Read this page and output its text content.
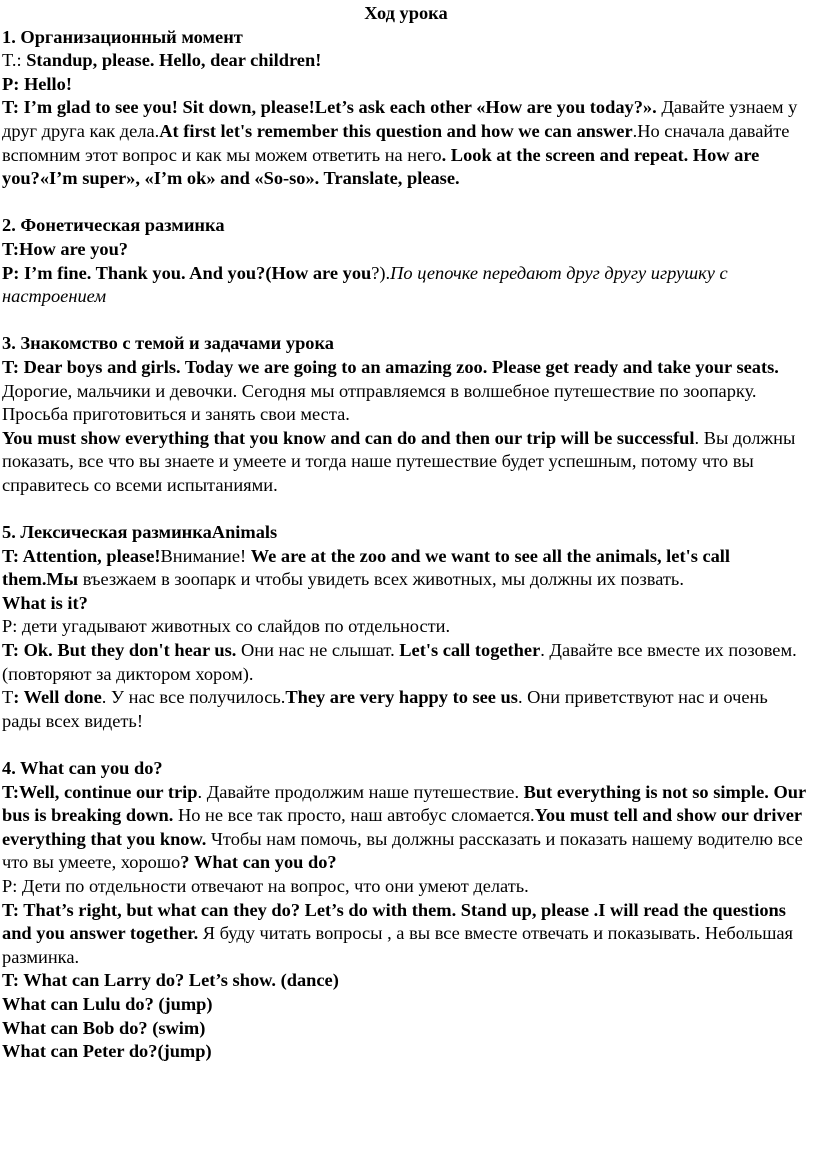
Ход урока

1. Организационный момент

T.: Standup, please. Hello, dear children!

P: Hello!

T: I’m glad to see you! Sit down, please!Let’s ask each other «How are you today?». Давайте узнаем у друг друга как дела.At first let's remember this question and how we can answer.Но сначала давайте вспомним этот вопрос и как мы можем ответить на него. Look at the screen and repeat. How are you?«I’m super», «I’m ok» and «So-so». Translate, please.

2. Фонетическая разминка

T:How are you?

P: I’m fine. Thank you. And you?(How are you?).По цепочке передают друг другу игрушку с настроением

3. Знакомство с темой и задачами урока

T: Dear boys and girls. Today we are going to an amazing zoo. Please get ready and take your seats.

Дорогие, мальчики и девочки. Сегодня мы отправляемся в волшебное путешествие по зоопарку. Просьба приготовиться и занять свои места.

You must show everything that you know and can do and then our trip will be successful. Вы должны показать, все что вы знаете и умеете и тогда наше путешествие будет успешным, потому что вы справитесь со всеми испытаниями.

5. Лексическая разминкаAnimals

T: Attention, please!Внимание! We are at the zoo and we want to see all the animals, let's call them.Мы въезжаем в зоопарк и чтобы увидеть всех животных, мы должны их позвать.

What is it?

P: дети угадывают животных со слайдов по отдельности.

T: Ok. But they don't hear us. Они нас не слышат. Let's call together. Давайте все вместе их позовем. (повторяют за диктором хором).

T: Well done. У нас все получилось.They are very happy to see us. Они приветствуют нас и очень рады всех видеть!

4. What can you do?

T:Well, continue our trip. Давайте продолжим наше путешествие. But everything is not so simple. Our bus is breaking down. Но не все так просто, наш автобус сломается.You must tell and show our driver everything that you know. Чтобы нам помочь, вы должны рассказать и показать нашему водителю все что вы умеете, хорошо? What can you do?

P: Дети по отдельности отвечают на вопрос, что они умеют делать.

T: That’s right, but what can they do? Let’s do with them. Stand up, please .I will read the questions and you answer together. Я буду читать вопросы , а вы все вместе отвечать и показывать. Небольшая разминка.

T: What can Larry do? Let’s show. (dance)

What can Lulu do? (jump)

What can Bob do? (swim)

What can Peter do?(jump)
